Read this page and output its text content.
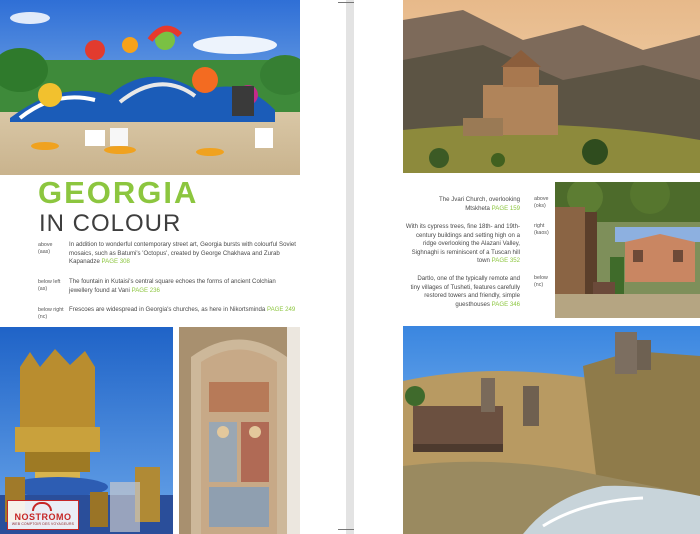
GEORGIA
IN COLOUR
above
(aas)
In addition to wonderful contemporary street art, Georgia bursts with colourful Soviet mosaics, such as Batumi's 'Octopus', created by George Chakhava and Zurab Kapanadze PAGE 308
below left
(as)
The fountain in Kutaisi's central square echoes the forms of ancient Colchian jewellery found at Vani PAGE 236
below right
(nc)
Frescoes are widespread in Georgia's churches, as here in Nikortsminda PAGE 249
NOSTROMO
WEB COMPTOIR DES VOYAGEURS
The Jvari Church, overlooking Mtskheta PAGE 159
above
(oks)
With its cypress trees, fine 18th- and 19th-century buildings and setting high on a ridge overlooking the Alazani Valley, Sighnaghi is reminiscent of a Tuscan hill town PAGE 352
right
(kaos)
Dartlo, one of the typically remote and tiny villages of Tusheti, features carefully restored towers and friendly, simple guesthouses PAGE 346
below
(nc)
